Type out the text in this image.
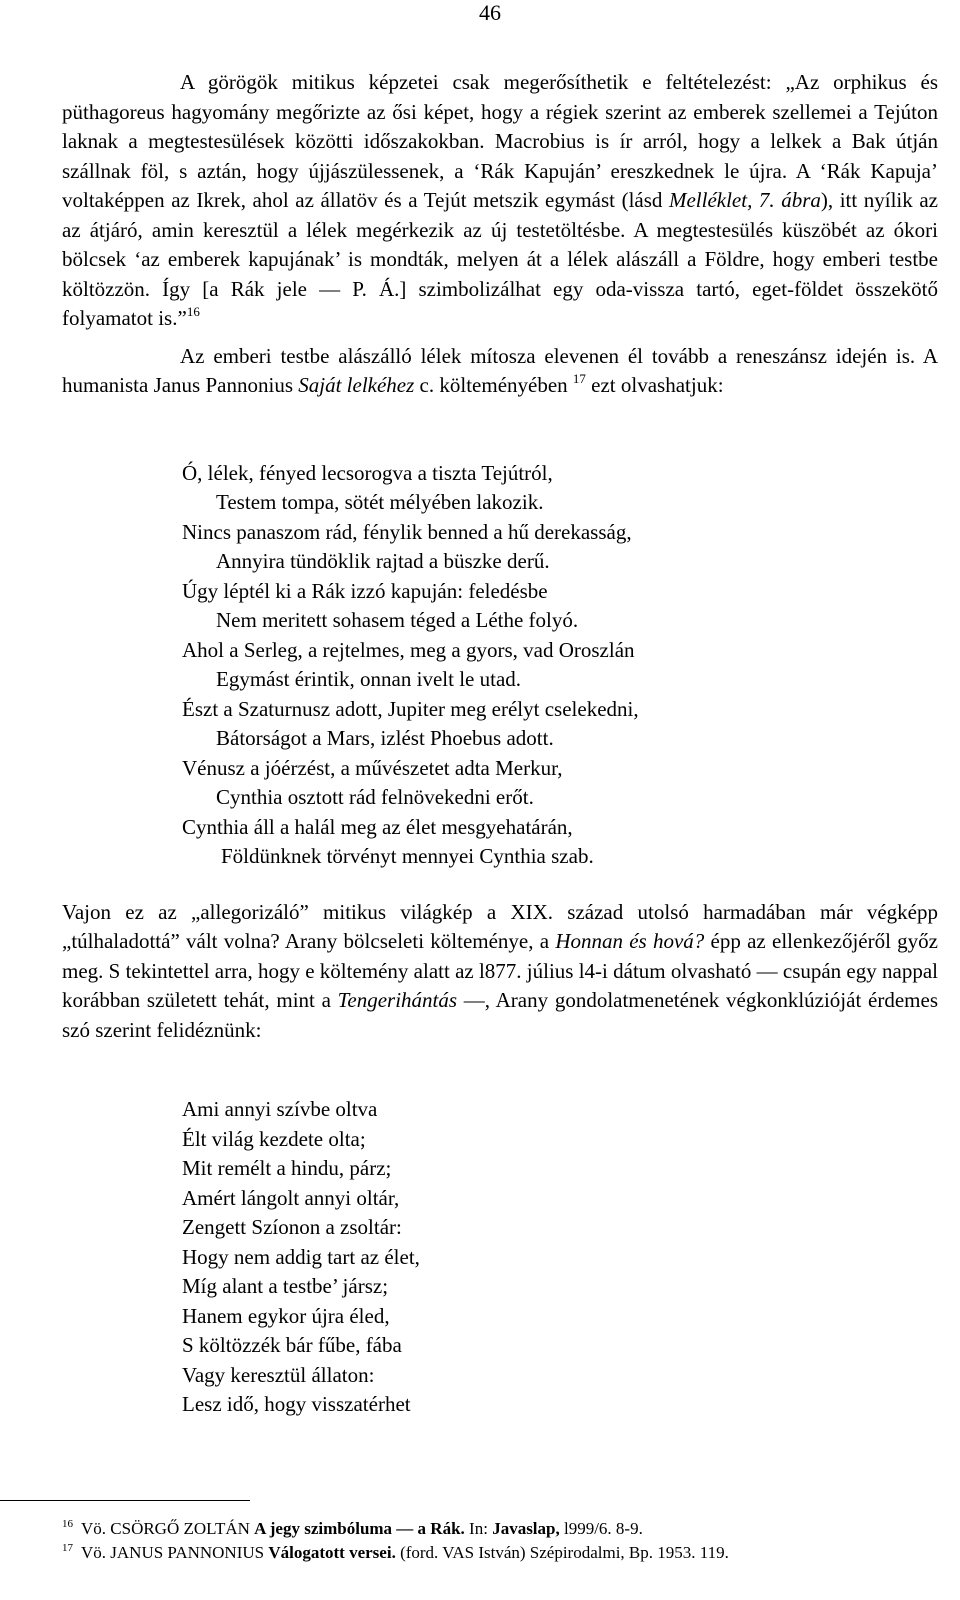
46

A görögök mitikus képzetei csak megerősíthetik e feltételezést: „Az orphikus és püthagoreus hagyomány megőrizte az ősi képet, hogy a régiek szerint az emberek szellemei a Tejúton laknak a megtestesülések közötti időszakokban. Macrobius is ír arról, hogy a lelkek a Bak útján szállnak föl, s aztán, hogy újjászülessenek, a ‘Rák Kapuján’ ereszkednek le újra. A ‘Rák Kapuja’ voltaképpen az Ikrek, ahol az állatöv és a Tejút metszik egymást (lásd Melléklet, 7. ábra), itt nyílik az az átjáró, amin keresztül a lélek megérkezik az új testetöltésbe. A megtestesülés küszöbét az ókori bölcsek ‘az emberek kapujának’ is mondták, melyen át a lélek alászáll a Földre, hogy emberi testbe költözzön. Így [a Rák jele — P. Á.] szimbolizálhat egy oda-vissza tartó, eget-földet összekötő folyamatot is.”$^{16}$

Az emberi testbe alászálló lélek mítosza elevenen él tovább a reneszánsz idején is. A humanista Janus Pannonius Saját lelkéhez c. költeményében $^{17}$ ezt olvashatjuk:

Ó, lélek, fényed lecsorogva a tiszta Tejútról,
Testem tompa, sötét mélyében lakozik.
Nincs panaszom rád, fénylik benned a hű derekasság,
Annyira tündöklik rajtad a büszke derű.
Úgy léptél ki a Rák izzó kapuján: feledésbe
Nem meritett sohasem téged a Léthe folyó.
Ahol a Serleg, a rejtelmes, meg a gyors, vad Oroszlán
Egymást érintik, onnan ivelt le utad.
Észt a Szaturnusz adott, Jupiter meg erélyt cselekedni,
Bátorságot a Mars, izlést Phoebus adott.
Vénusz a jóérzést, a művészetet adta Merkur,
Cynthia osztott rád felnövekedni erőt.
Cynthia áll a halál meg az élet mesgyehatárán,
Földünknek törvényt mennyei Cynthia szab.

Vajon ez az „allegorizáló” mitikus világkép a XIX. század utolsó harmadában már végképp „túlhaladottá” vált volna? Arany bölcseleti költeménye, a Honnan és hová? épp az ellenkezőjéről győz meg. S tekintettel arra, hogy e költemény alatt az l877. július l4-i dátum olvasható — csupán egy nappal korábban született tehát, mint a Tengerihántás —, Arany gondolatmenetének végkonklúzióját érdemes szó szerint felidéznünk:

Ami annyi szívbe oltva
Élt világ kezdete olta;
Mit remélt a hindu, párz;
Amért lángolt annyi oltár,
Zengett Szíonon a zsoltár:
Hogy nem addig tart az élet,
Míg alant a testbe’ jársz;
Hanem egykor újra éled,
S költözzék bár fűbe, fába
Vagy keresztül állaton:
Lesz idő, hogy visszatérhet
$^{16}$ Vö. CSÖRGŐ ZOLTÁN A jegy szimbóluma — a Rák. In: Javaslap, l999/6. 8-9.
$^{17}$ Vö. JANUS PANNONIUS Válogatott versei. (ford. VAS István) Szépirodalmi, Bp. 1953. 119.
